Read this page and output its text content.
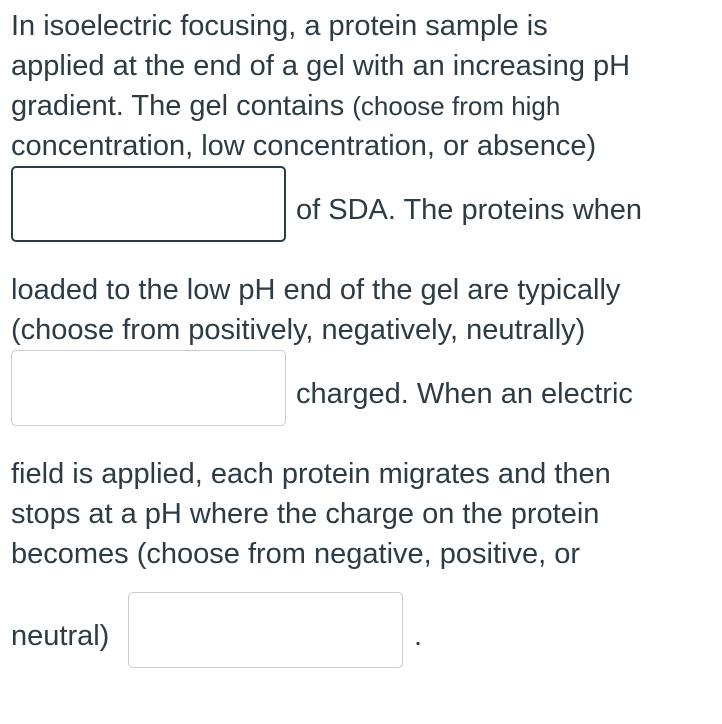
In isoelectric focusing, a protein sample is
applied at the end of a gel with an increasing pH
gradient. The gel contains (choose from high
concentration, low concentration, or absence)
of SDA. The proteins when
loaded to the low pH end of the gel are typically
(choose from positively, negatively, neutrally)
charged. When an electric
field is applied, each protein migrates and then
stops at a pH where the charge on the protein
becomes (choose from negative, positive, or
neutral)	.
